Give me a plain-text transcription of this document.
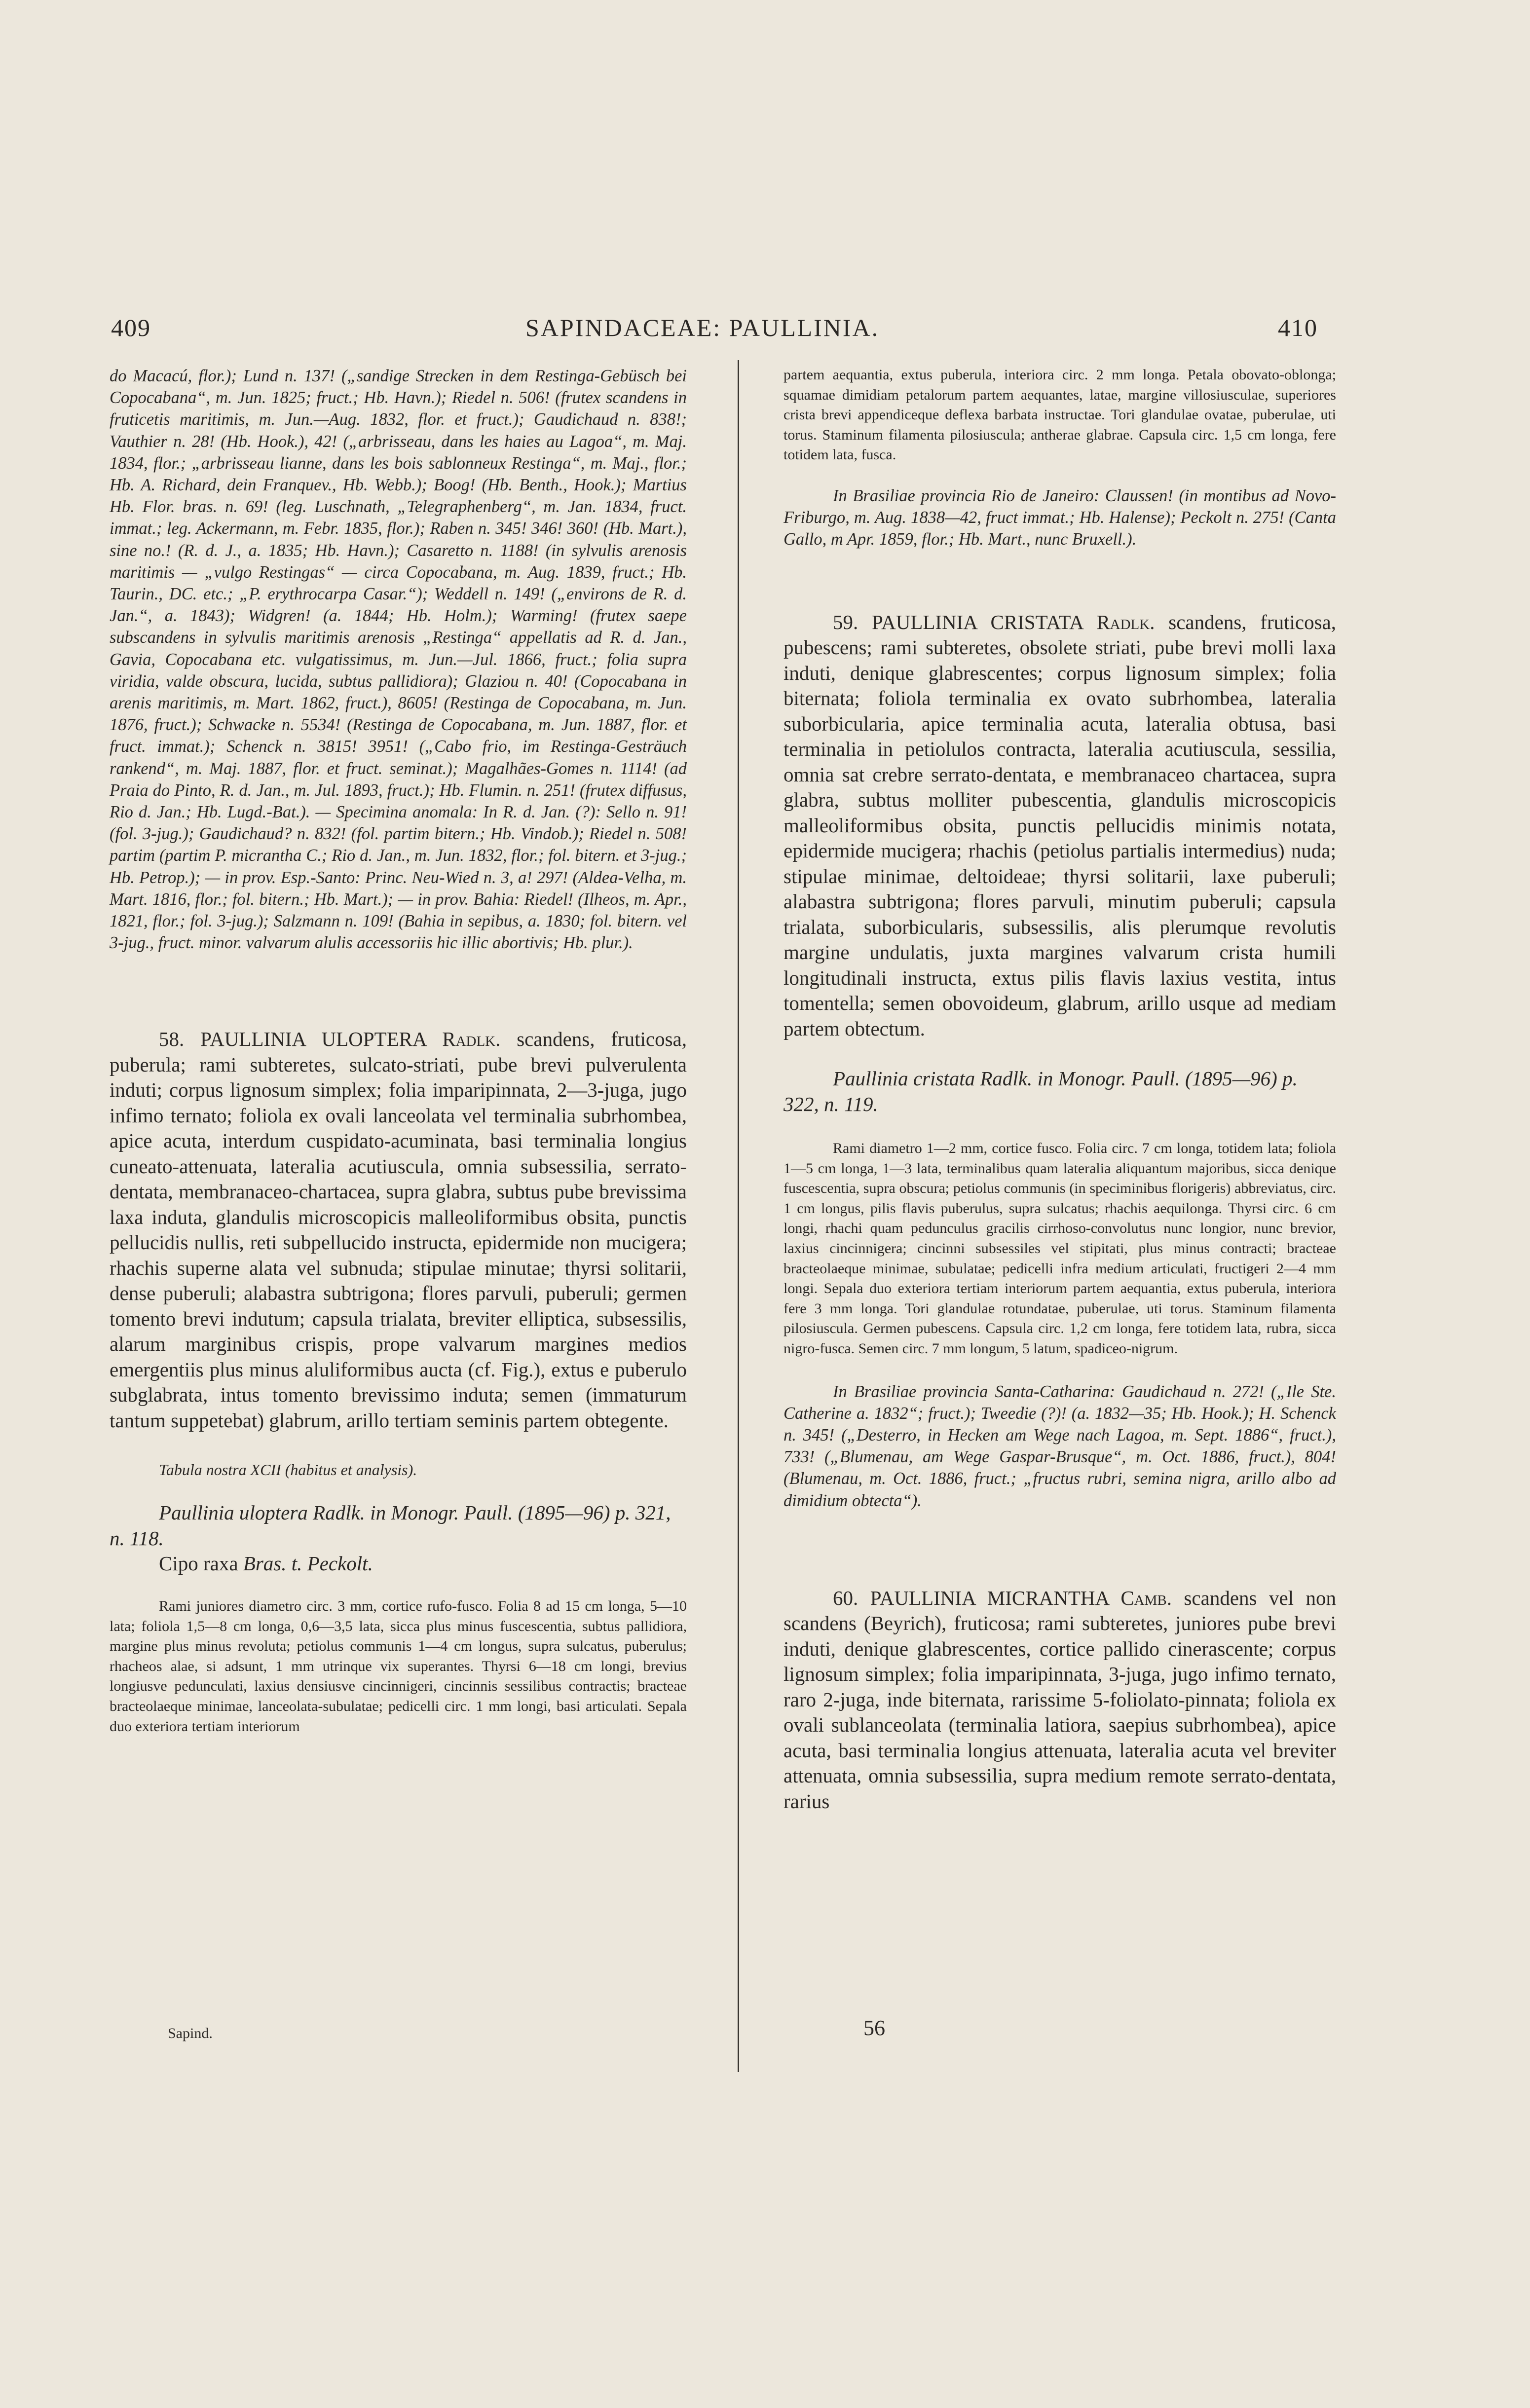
409	SAPINDACEAE: PAULLINIA.	410

do Macacú, flor.); Lund n. 137! („sandige Strecken in dem Restinga-Gebüsch bei Copocabana“, m. Jun. 1825; fruct.; Hb. Havn.); Riedel n. 506! (frutex scandens in fruticetis maritimis, m. Jun.—Aug. 1832, flor. et fruct.); Gaudichaud n. 838!; Vauthier n. 28! (Hb. Hook.), 42! („arbrisseau, dans les haies au Lagoa“, m. Maj. 1834, flor.; „arbrisseau lianne, dans les bois sablonneux Restinga“, m. Maj., flor.; Hb. A. Richard, dein Franquev., Hb. Webb.); Boog! (Hb. Benth., Hook.); Martius Hb. Flor. bras. n. 69! (leg. Luschnath, „Telegraphenberg“, m. Jan. 1834, fruct. immat.; leg. Ackermann, m. Febr. 1835, flor.); Raben n. 345! 346! 360! (Hb. Mart.), sine no.! (R. d. J., a. 1835; Hb. Havn.); Casaretto n. 1188! (in sylvulis arenosis maritimis — „vulgo Restingas“ — circa Copocabana, m. Aug. 1839, fruct.; Hb. Taurin., DC. etc.; „P. erythrocarpa Casar.“); Weddell n. 149! („environs de R. d. Jan.“, a. 1843); Widgren! (a. 1844; Hb. Holm.); Warming! (frutex saepe subscandens in sylvulis maritimis arenosis „Restinga“ appellatis ad R. d. Jan., Gavia, Copocabana etc. vulgatissimus, m. Jun.—Jul. 1866, fruct.; folia supra viridia, valde obscura, lucida, subtus pallidiora); Glaziou n. 40! (Copocabana in arenis maritimis, m. Mart. 1862, fruct.), 8605! (Restinga de Copocabana, m. Jun. 1876, fruct.); Schwacke n. 5534! (Restinga de Copocabana, m. Jun. 1887, flor. et fruct. immat.); Schenck n. 3815! 3951! („Cabo frio, im Restinga-Gesträuch rankend“, m. Maj. 1887, flor. et fruct. seminat.); Magalhães-Gomes n. 1114! (ad Praia do Pinto, R. d. Jan., m. Jul. 1893, fruct.); Hb. Flumin. n. 251! (frutex diffusus, Rio d. Jan.; Hb. Lugd.-Bat.). — Specimina anomala: In R. d. Jan. (?): Sello n. 91! (fol. 3-jug.); Gaudichaud? n. 832! (fol. partim bitern.; Hb. Vindob.); Riedel n. 508! partim (partim P. micrantha C.; Rio d. Jan., m. Jun. 1832, flor.; fol. bitern. et 3-jug.; Hb. Petrop.); — in prov. Esp.-Santo: Princ. Neu-Wied n. 3, a! 297! (Aldea-Velha, m. Mart. 1816, flor.; fol. bitern.; Hb. Mart.); — in prov. Bahia: Riedel! (Ilheos, m. Apr., 1821, flor.; fol. 3-jug.); Salzmann n. 109! (Bahia in sepibus, a. 1830; fol. bitern. vel 3-jug., fruct. minor. valvarum alulis accessoriis hic illic abortivis; Hb. plur.).

58. PAULLINIA ULOPTERA Radlk. scandens, fruticosa, puberula; rami subteretes, sulcato-striati, pube brevi pulverulenta induti; corpus lignosum simplex; folia imparipinnata, 2—3-juga, jugo infimo ternato; foliola ex ovali lanceolata vel terminalia subrhombea, apice acuta, interdum cuspidato-acuminata, basi terminalia longius cuneato-attenuata, lateralia acutiuscula, omnia subsessilia, serrato-dentata, membranaceo-chartacea, supra glabra, subtus pube brevissima laxa induta, glandulis microscopicis malleoliformibus obsita, punctis pellucidis nullis, reti subpellucido instructa, epidermide non mucigera; rhachis superne alata vel subnuda; stipulae minutae; thyrsi solitarii, dense puberuli; alabastra subtrigona; flores parvuli, puberuli; germen tomento brevi indutum; capsula trialata, breviter elliptica, subsessilis, alarum marginibus crispis, prope valvarum margines medios emergentiis plus minus aluliformibus aucta (cf. Fig.), extus e puberulo subglabrata, intus tomento brevissimo induta; semen (immaturum tantum suppetebat) glabrum, arillo tertiam seminis partem obtegente.

Tabula nostra XCII (habitus et analysis).

Paullinia uloptera Radlk. in Monogr. Paull. (1895—96) p. 321, n. 118.

Cipo raxa Bras. t. Peckolt.

Rami juniores diametro circ. 3 mm, cortice rufo-fusco. Folia 8 ad 15 cm longa, 5—10 lata; foliola 1,5—8 cm longa, 0,6—3,5 lata, sicca plus minus fuscescentia, subtus pallidiora, margine plus minus revoluta; petiolus communis 1—4 cm longus, supra sulcatus, puberulus; rhacheos alae, si adsunt, 1 mm utrinque vix superantes. Thyrsi 6—18 cm longi, brevius longiusve pedunculati, laxius densiusve cincinnigeri, cincinnis sessilibus contractis; bracteae bracteolaeque minimae, lanceolata-subulatae; pedicelli circ. 1 mm longi, basi articulati. Sepala duo exteriora tertiam interiorum

partem aequantia, extus puberula, interiora circ. 2 mm longa. Petala obovato-oblonga; squamae dimidiam petalorum partem aequantes, latae, margine villosiusculae, superiores crista brevi appendiceque deflexa barbata instructae. Tori glandulae ovatae, puberulae, uti torus. Staminum filamenta pilosiuscula; antherae glabrae. Capsula circ. 1,5 cm longa, fere totidem lata, fusca.

In Brasiliae provincia Rio de Janeiro: Claussen! (in montibus ad Novo-Friburgo, m. Aug. 1838—42, fruct immat.; Hb. Halense); Peckolt n. 275! (Canta Gallo, m Apr. 1859, flor.; Hb. Mart., nunc Bruxell.).

59. PAULLINIA CRISTATA Radlk. scandens, fruticosa, pubescens; rami subteretes, obsolete striati, pube brevi molli laxa induti, denique glabrescentes; corpus lignosum simplex; folia biternata; foliola terminalia ex ovato subrhombea, lateralia suborbicularia, apice terminalia acuta, lateralia obtusa, basi terminalia in petiolulos contracta, lateralia acutiuscula, sessilia, omnia sat crebre serrato-dentata, e membranaceo chartacea, supra glabra, subtus molliter pubescentia, glandulis microscopicis malleoliformibus obsita, punctis pellucidis minimis notata, epidermide mucigera; rhachis (petiolus partialis intermedius) nuda; stipulae minimae, deltoideae; thyrsi solitarii, laxe puberuli; alabastra subtrigona; flores parvuli, minutim puberuli; capsula trialata, suborbicularis, subsessilis, alis plerumque revolutis margine undulatis, juxta margines valvarum crista humili longitudinali instructa, extus pilis flavis laxius vestita, intus tomentella; semen obovoideum, glabrum, arillo usque ad mediam partem obtectum.

Paullinia cristata Radlk. in Monogr. Paull. (1895—96) p. 322, n. 119.

Rami diametro 1—2 mm, cortice fusco. Folia circ. 7 cm longa, totidem lata; foliola 1—5 cm longa, 1—3 lata, terminalibus quam lateralia aliquantum majoribus, sicca denique fuscescentia, supra obscura; petiolus communis (in speciminibus florigeris) abbreviatus, circ. 1 cm longus, pilis flavis puberulus, supra sulcatus; rhachis aequilonga. Thyrsi circ. 6 cm longi, rhachi quam pedunculus gracilis cirrhoso-convolutus nunc longior, nunc brevior, laxius cincinnigera; cincinni subsessiles vel stipitati, plus minus contracti; bracteae bracteolaeque minimae, subulatae; pedicelli infra medium articulati, fructigeri 2—4 mm longi. Sepala duo exteriora tertiam interiorum partem aequantia, extus puberula, interiora fere 3 mm longa. Tori glandulae rotundatae, puberulae, uti torus. Staminum filamenta pilosiuscula. Germen pubescens. Capsula circ. 1,2 cm longa, fere totidem lata, rubra, sicca nigro-fusca. Semen circ. 7 mm longum, 5 latum, spadiceo-nigrum.

In Brasiliae provincia Santa-Catharina: Gaudichaud n. 272! („Ile Ste. Catherine a. 1832“; fruct.); Tweedie (?)! (a. 1832—35; Hb. Hook.); H. Schenck n. 345! („Desterro, in Hecken am Wege nach Lagoa, m. Sept. 1886“, fruct.), 733! („Blumenau, am Wege Gaspar-Brusque“, m. Oct. 1886, fruct.), 804! (Blumenau, m. Oct. 1886, fruct.; „fructus rubri, semina nigra, arillo albo ad dimidium obtecta“).

60. PAULLINIA MICRANTHA Camb. scandens vel non scandens (Beyrich), fruticosa; rami subteretes, juniores pube brevi induti, denique glabrescentes, cortice pallido cinerascente; corpus lignosum simplex; folia imparipinnata, 3-juga, jugo infimo ternato, raro 2-juga, inde biternata, rarissime 5-foliolato-pinnata; foliola ex ovali sublanceolata (terminalia latiora, saepius subrhombea), apice acuta, basi terminalia longius attenuata, lateralia acuta vel breviter attenuata, omnia subsessilia, supra medium remote serrato-dentata, rarius

Sapind.	56
